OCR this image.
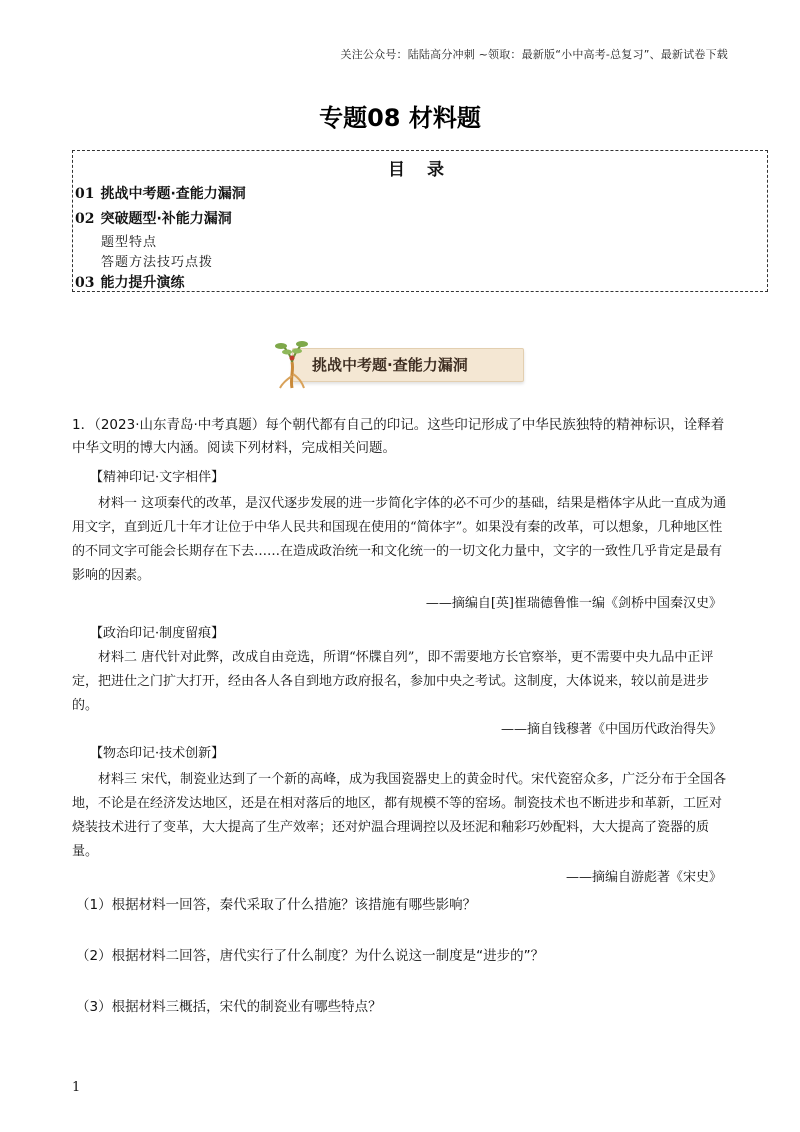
关注公众号：陆陆高分冲刺 ~领取：最新版“小中高考-总复习”、最新试卷下载
专题08 材料题
目 录
01 挑战中考题·查能力漏洞
02 突破题型·补能力漏洞
题型特点
答题方法技巧点拨
03 能力提升演练
挑战中考题·查能力漏洞
1．（2023·山东青岛·中考真题）每个朝代都有自己的印记。这些印记形成了中华民族独特的精神标识，诠释着中华文明的博大内涵。阅读下列材料，完成相关问题。
【精神印记·文字相伴】
材料一 这项秦代的改革，是汉代逐步发展的进一步简化字体的必不可少的基础，结果是楷体字从此一直成为通用文字，直到近几十年才让位于中华人民共和国现在使用的“简体字”。如果没有秦的改革，可以想象，几种地区性的不同文字可能会长期存在下去……在造成政治统一和文化统一的一切文化力量中，文字的一致性几乎肯定是最有影响的因素。
——摘编自[英]崔瑞德鲁惟一编《剑桥中国秦汉史》
【政治印记·制度留痕】
材料二 唐代针对此弊，改成自由竞选，所谓“怀牒自列”，即不需要地方长官察举，更不需要中央九品中正评定，把进仕之门扩大打开，经由各人各自到地方政府报名，参加中央之考试。这制度，大体说来，较以前是进步的。
——摘自钱穆著《中国历代政治得失》
【物态印记·技术创新】
材料三 宋代，制瓷业达到了一个新的高峰，成为我国瓷器史上的黄金时代。宋代瓷窑众多，广泛分布于全国各地，不论是在经济发达地区，还是在相对落后的地区，都有规模不等的窑场。制瓷技术也不断进步和革新，工匠对烧装技术进行了变革，大大提高了生产效率；还对炉温合理调控以及坯泥和釉彩巧妙配料，大大提高了瓷器的质量。
——摘编自游彪著《宋史》
（1）根据材料一回答，秦代采取了什么措施？该措施有哪些影响？
（2）根据材料二回答，唐代实行了什么制度？为什么说这一制度是“进步的”？
（3）根据材料三概括，宋代的制瓷业有哪些特点？
1
